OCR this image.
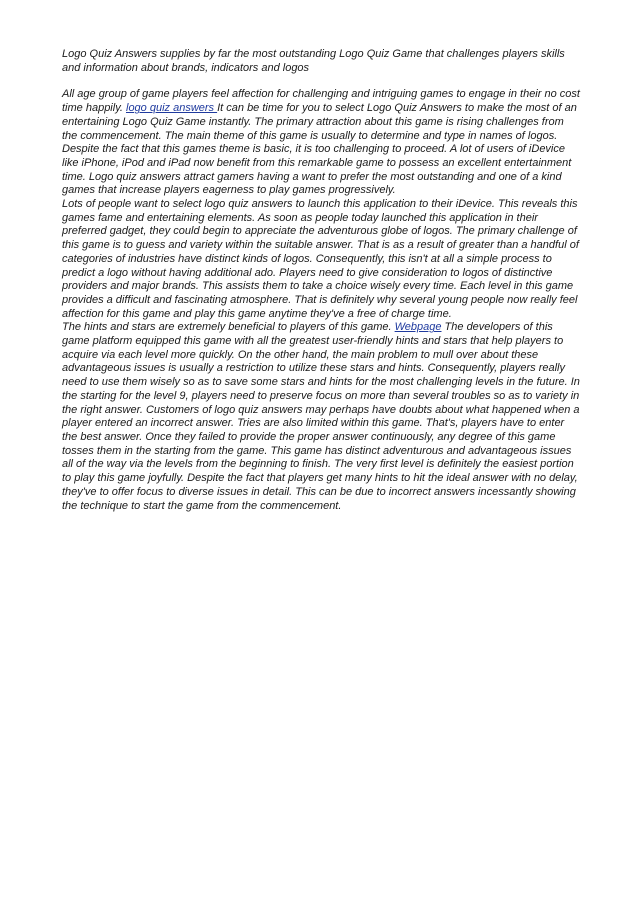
Logo Quiz Answers supplies by far the most outstanding Logo Quiz Game that challenges players skills and information about brands, indicators and logos

All age group of game players feel affection for challenging and intriguing games to engage in their no cost time happily. logo quiz answers It can be time for you to select Logo Quiz Answers to make the most of an entertaining Logo Quiz Game instantly. The primary attraction about this game is rising challenges from the commencement. The main theme of this game is usually to determine and type in names of logos. Despite the fact that this games theme is basic, it is too challenging to proceed. A lot of users of iDevice like iPhone, iPod and iPad now benefit from this remarkable game to possess an excellent entertainment time. Logo quiz answers attract gamers having a want to prefer the most outstanding and one of a kind games that increase players eagerness to play games progressively.

Lots of people want to select logo quiz answers to launch this application to their iDevice. This reveals this games fame and entertaining elements. As soon as people today launched this application in their preferred gadget, they could begin to appreciate the adventurous globe of logos. The primary challenge of this game is to guess and variety within the suitable answer. That is as a result of greater than a handful of categories of industries have distinct kinds of logos. Consequently, this isn't at all a simple process to predict a logo without having additional ado. Players need to give consideration to logos of distinctive providers and major brands. This assists them to take a choice wisely every time. Each level in this game provides a difficult and fascinating atmosphere. That is definitely why several young people now really feel affection for this game and play this game anytime they've a free of charge time.

The hints and stars are extremely beneficial to players of this game. Webpage The developers of this game platform equipped this game with all the greatest user-friendly hints and stars that help players to acquire via each level more quickly. On the other hand, the main problem to mull over about these advantageous issues is usually a restriction to utilize these stars and hints. Consequently, players really need to use them wisely so as to save some stars and hints for the most challenging levels in the future. In the starting for the level 9, players need to preserve focus on more than several troubles so as to variety in the right answer. Customers of logo quiz answers may perhaps have doubts about what happened when a player entered an incorrect answer. Tries are also limited within this game. That's, players have to enter the best answer. Once they failed to provide the proper answer continuously, any degree of this game tosses them in the starting from the game. This game has distinct adventurous and advantageous issues all of the way via the levels from the beginning to finish. The very first level is definitely the easiest portion to play this game joyfully. Despite the fact that players get many hints to hit the ideal answer with no delay, they've to offer focus to diverse issues in detail. This can be due to incorrect answers incessantly showing the technique to start the game from the commencement.
